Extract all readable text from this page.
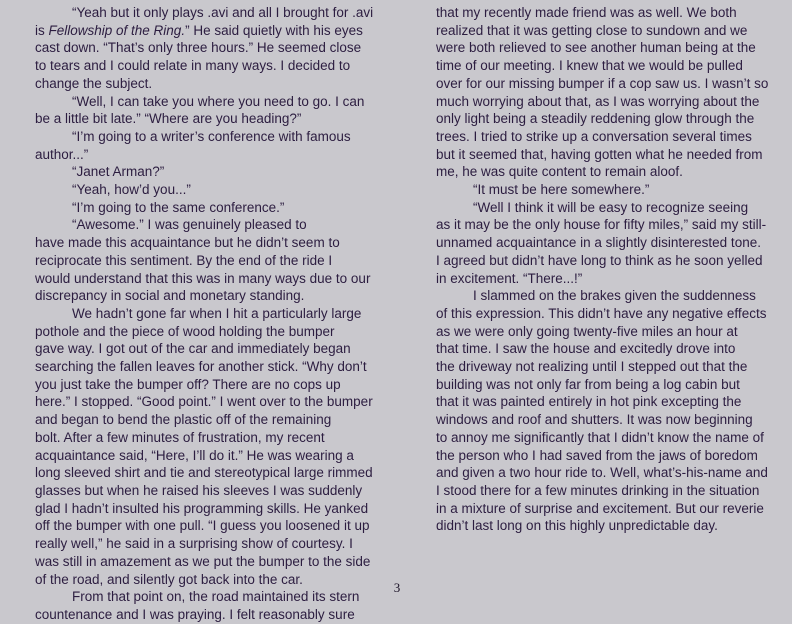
“Yeah but it only plays .avi and all I brought for .avi
is Fellowship of the Ring.” He said quietly with his eyes
cast down. “That’s only three hours.” He seemed close
to tears and I could relate in many ways. I decided to
change the subject.
“Well, I can take you where you need to go. I can
be a little bit late.” “Where are you heading?”
“I’m going to a writer’s conference with famous
author...”
“Janet Arman?”
“Yeah, how’d you...”
“I’m going to the same conference.”
“Awesome.” I was genuinely pleased to
have made this acquaintance but he didn’t seem to
reciprocate this sentiment. By the end of the ride I
would understand that this was in many ways due to our
discrepancy in social and monetary standing.
We hadn’t gone far when I hit a particularly large
pothole and the piece of wood holding the bumper
gave way. I got out of the car and immediately began
searching the fallen leaves for another stick. “Why don’t
you just take the bumper off? There are no cops up
here.” I stopped. “Good point.” I went over to the bumper
and began to bend the plastic off of the remaining
bolt. After a few minutes of frustration, my recent
acquaintance said, “Here, I’ll do it.” He was wearing a
long sleeved shirt and tie and stereotypical large rimmed
glasses but when he raised his sleeves I was suddenly
glad I hadn’t insulted his programming skills. He yanked
off the bumper with one pull. “I guess you loosened it up
really well,” he said in a surprising show of courtesy. I
was still in amazement as we put the bumper to the side
of the road, and silently got back into the car.
From that point on, the road maintained its stern
countenance and I was praying. I felt reasonably sure
that my recently made friend was as well. We both
realized that it was getting close to sundown and we
were both relieved to see another human being at the
time of our meeting. I knew that we would be pulled
over for our missing bumper if a cop saw us. I wasn’t so
much worrying about that, as I was worrying about the
only light being a steadily reddening glow through the
trees. I tried to strike up a conversation several times
but it seemed that, having gotten what he needed from
me, he was quite content to remain aloof.
“It must be here somewhere.”
“Well I think it will be easy to recognize seeing
as it may be the only house for fifty miles,” said my still-
unnamed acquaintance in a slightly disinterested tone.
I agreed but didn’t have long to think as he soon yelled
in excitement. “There...!”
I slammed on the brakes given the suddenness
of this expression. This didn’t have any negative effects
as we were only going twenty-five miles an hour at
that time. I saw the house and excitedly drove into
the driveway not realizing until I stepped out that the
building was not only far from being a log cabin but
that it was painted entirely in hot pink excepting the
windows and roof and shutters. It was now beginning
to annoy me significantly that I didn’t know the name of
the person who I had saved from the jaws of boredom
and given a two hour ride to. Well, what’s-his-name and
I stood there for a few minutes drinking in the situation
in a mixture of surprise and excitement. But our reverie
didn’t last long on this highly unpredictable day.
3
